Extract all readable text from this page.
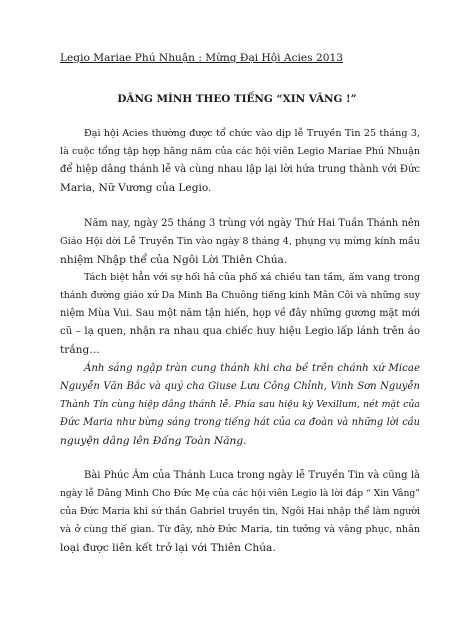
Legio Mariae Phú Nhuận : Mừng Đại Hội Acies 2013
DÂNG MÌNH THEO TIẾNG “XIN VÂNG !”
Đại hội Acies thường được tổ chức vào dịp lễ Truyền Tin 25 tháng 3,
là cuộc tổng tập hợp hằng năm của các hội viên Legio Mariae Phú Nhuận
để hiệp dâng thánh lễ và cùng nhau lập lại lời hứa trung thành với Đức
Maria, Nữ Vương của Legio.
Năm nay, ngày 25 tháng 3 trùng với ngày Thứ Hai Tuần Thánh nên
Giáo Hội dời Lễ Truyền Tin vào ngày 8 tháng 4, phụng vụ mừng kính mầu
nhiệm Nhập thể của Ngôi Lời Thiên Chúa.
Tách biệt hẳn với sự hối hả của phố xá chiều tan tầm, ấm vang trong
thánh đường giáo xứ Da Minh Ba Chuông tiếng kinh Mân Côi và những suy
niệm Mùa Vui. Sau một năm tận hiến, họp về đây những gương mặt mới
cũ – lạ quen, nhận ra nhau qua chiếc huy hiệu Legio lấp lánh trên áo
trắng…
Ánh sáng ngập tràn cung thánh khi cha bề trên chánh xứ Micae
Nguyễn Văn Bắc và quý cha Giuse Lưu Công Chỉnh, Vinh Sơn Nguyễn
Thành Tín cùng hiệp dâng thánh lễ. Phía sau hiệu kỳ Vexillum, nét mặt của
Đức Maria như bừng sáng trong tiếng hát của ca đoàn và những lời cầu
nguyện dâng lên Đấng Toàn Năng.
Bài Phúc Âm của Thánh Luca trong ngày lễ Truyền Tin và cũng là
ngày lễ Dâng Mình Cho Đức Mẹ của các hội viên Legio là lời đáp “ Xin Vâng”
của Đức Maria khi sứ thần Gabriel truyền tin, Ngôi Hai nhập thể làm người
và ở cùng thế gian. Từ đây, nhờ Đức Maria, tin tưởng và vâng phục, nhân
loại được liên kết trở lại với Thiên Chúa.
